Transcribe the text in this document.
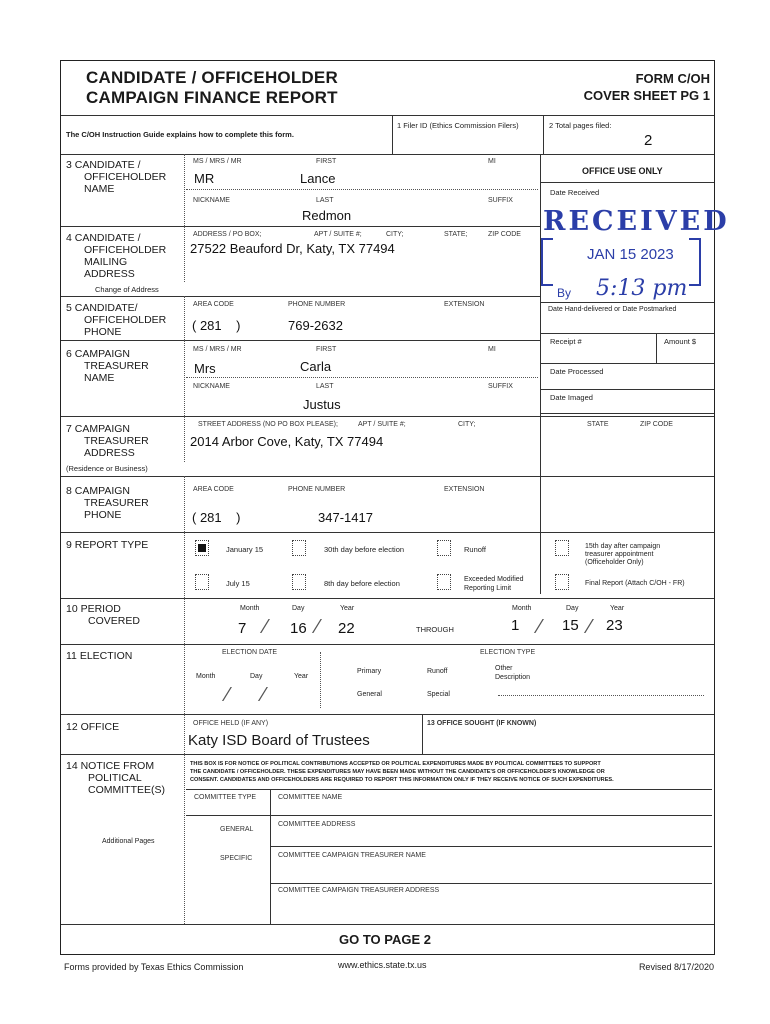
CANDIDATE / OFFICEHOLDER
CAMPAIGN FINANCE REPORT
FORM C/OH
COVER SHEET PG 1
The C/OH Instruction Guide explains how to complete this form.
1 Filer ID (Ethics Commission Filers)	2 Total pages filed:
2
OFFICE USE ONLY
Date Received
RECEIVED
JAN 15 2023
By 5:13 pm
Date Hand-delivered or Date Postmarked
Receipt #	Amount $
Date Processed
Date Imaged
3 CANDIDATE /
OFFICEHOLDER
NAME
MS / MRS / MR	FIRST	MI
MR	Lance
NICKNAME	LAST	SUFFIX
Redmon
4 CANDIDATE /
OFFICEHOLDER
MAILING
ADDRESS
ADDRESS / PO BOX;	APT / SUITE #;	CITY;	STATE;	ZIP CODE
27522 Beauford Dr, Katy, TX 77494
Change of Address
5 CANDIDATE/
OFFICEHOLDER
PHONE
AREA CODE	PHONE NUMBER	EXTENSION
( 281    )	769-2632
6 CAMPAIGN
TREASURER
NAME
MS / MRS / MR	FIRST	MI
Mrs	Carla
NICKNAME	LAST	SUFFIX
Justus
7 CAMPAIGN
TREASURER
ADDRESS
STREET ADDRESS (NO PO BOX PLEASE);	APT / SUITE #;	CITY;	STATE	ZIP CODE
2014 Arbor Cove, Katy, TX 77494
(Residence or Business)
8 CAMPAIGN
TREASURER
PHONE
AREA CODE	PHONE NUMBER	EXTENSION
( 281    )	347-1417
9 REPORT TYPE	January 15	30th day before election	Runoff	15th day after campaign
treasurer appointment
(Officeholder Only)
July 15	8th day before election	Exceeded Modified
Reporting Limit
Final Report (Attach C/OH - FR)
10 PERIOD
COVERED
Month	Day	Year
7 ⁄ 16 ⁄ 22	THROUGH
Month	Day	Year
1 ⁄ 15 ⁄ 23
11 ELECTION	ELECTION DATE	ELECTION TYPE
Month	Day	Year
⁄ ⁄
Primary	Runoff	Other
Description
General	Special
12 OFFICE	OFFICE HELD (IF ANY)
Katy ISD Board of Trustees
13 OFFICE SOUGHT (IF KNOWN)
14 NOTICE FROM
POLITICAL
COMMITTEE(S)
THIS BOX IS FOR NOTICE OF POLITICAL CONTRIBUTIONS ACCEPTED OR POLITICAL EXPENDITURES MADE BY POLITICAL COMMITTEES TO SUPPORT
THE CANDIDATE / OFFICEHOLDER. THESE EXPENDITURES MAY HAVE BEEN MADE WITHOUT THE CANDIDATE'S OR OFFICEHOLDER'S KNOWLEDGE OR
CONSENT. CANDIDATES AND OFFICEHOLDERS ARE REQUIRED TO REPORT THIS INFORMATION ONLY IF THEY RECEIVE NOTICE OF SUCH EXPENDITURES.
COMMITTEE TYPE	COMMITTEE NAME
GENERAL
COMMITTEE ADDRESS
Additional Pages
SPECIFIC	COMMITTEE CAMPAIGN TREASURER NAME
COMMITTEE CAMPAIGN TREASURER ADDRESS
GO TO PAGE 2
Forms provided by Texas Ethics Commission	www.ethics.state.tx.us	Revised 8/17/2020
